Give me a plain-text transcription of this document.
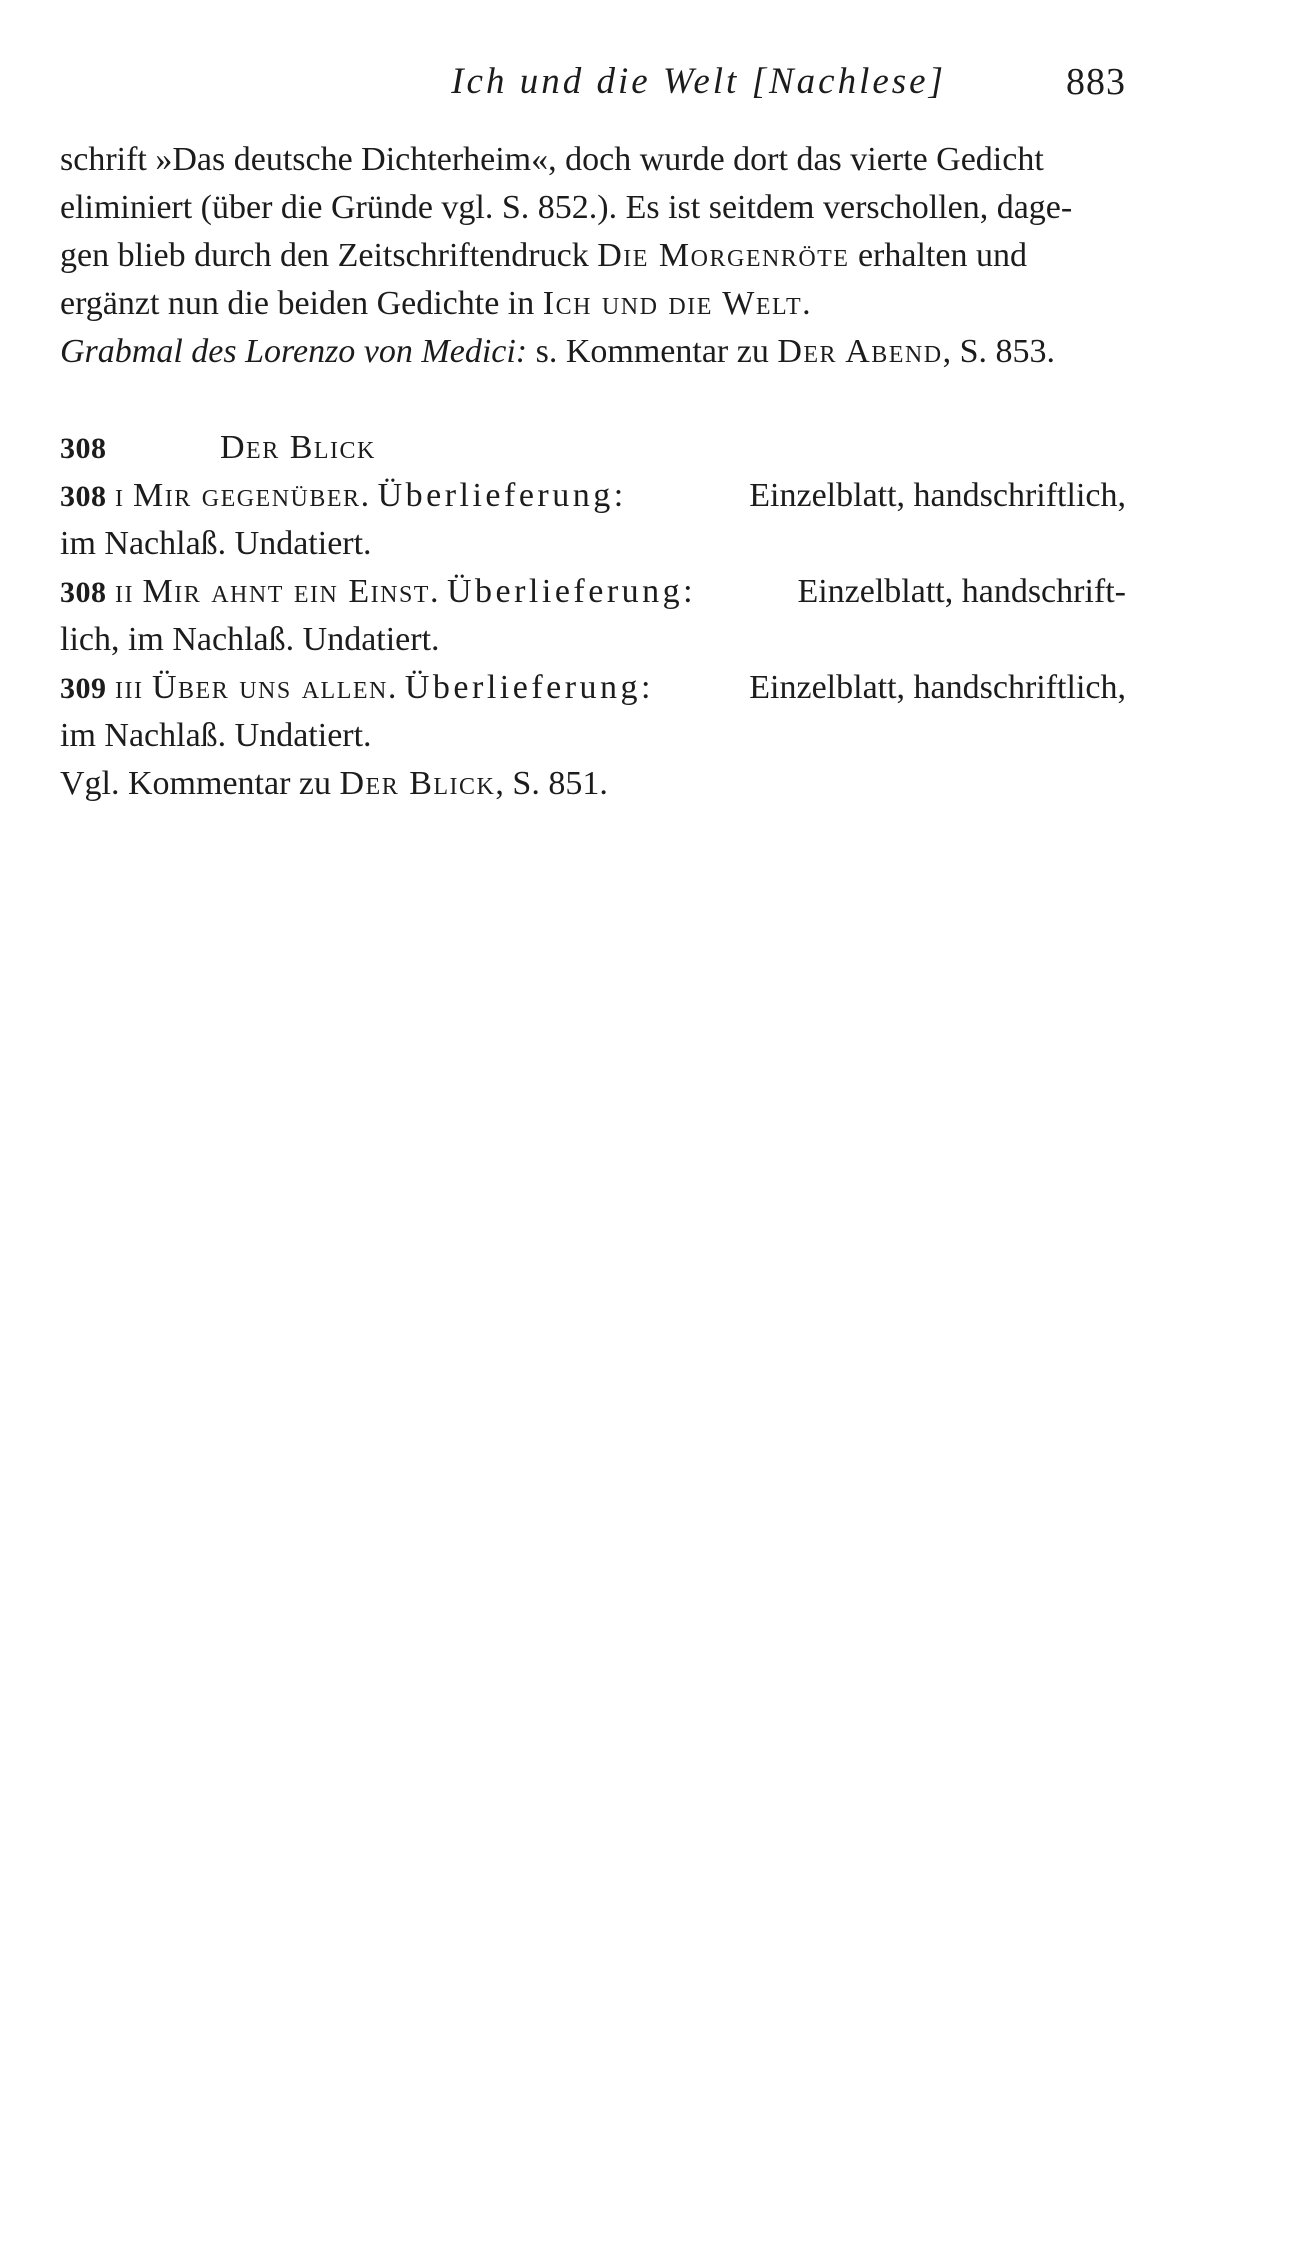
Ich und die Welt [Nachlese]	883
schrift »Das deutsche Dichterheim«, doch wurde dort das vierte Gedicht
eliminiert (über die Gründe vgl. S. 852.). Es ist seitdem verschollen, dage-
gen blieb durch den Zeitschriftendruck Die Morgenröte erhalten und
ergänzt nun die beiden Gedichte in Ich und die Welt.
Grabmal des Lorenzo von Medici: s. Kommentar zu Der Abend, S. 853.
308	Der Blick
308 i Mir gegenüber. Überlieferung:	Einzelblatt, handschriftlich,
im Nachlaß. Undatiert.
308 ii Mir ahnt ein Einst. Überlieferung:	Einzelblatt, handschrift-
lich, im Nachlaß. Undatiert.
309 iii Über uns allen. Überlieferung:	Einzelblatt, handschriftlich,
im Nachlaß. Undatiert.
Vgl. Kommentar zu Der Blick, S. 851.
